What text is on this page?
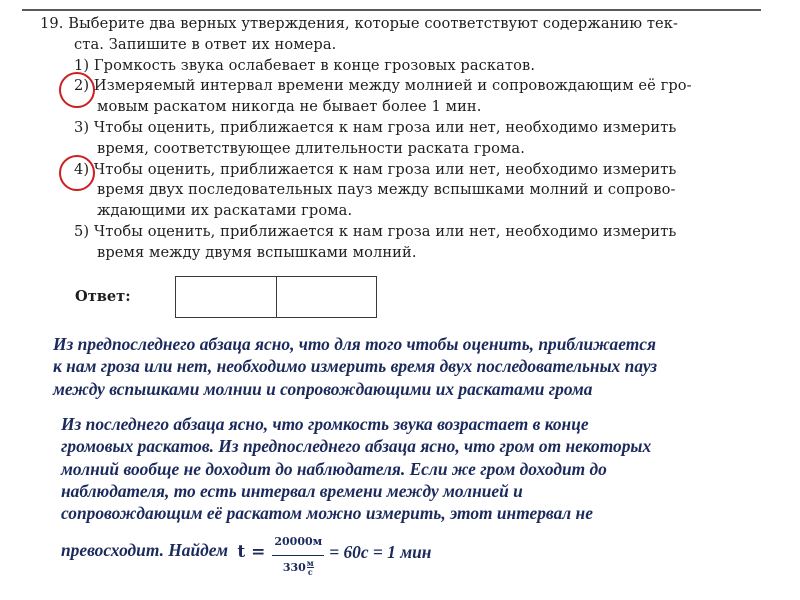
19. Выберите два верных утверждения, которые соответствуют содержанию тек-
ста. Запишите в ответ их номера.
1) Громкость звука ослабевает в конце грозовых раскатов.
2) Измеряемый интервал времени между молнией и сопровождающим её гро-
мовым раскатом никогда не бывает более 1 мин.
3) Чтобы оценить, приближается к нам гроза или нет, необходимо измерить
время, соответствующее длительности раската грома.
4) Чтобы оценить, приближается к нам гроза или нет, необходимо измерить
время двух последовательных пауз между вспышками молний и сопрово-
ждающими их раскатами грома.
5) Чтобы оценить, приближается к нам гроза или нет, необходимо измерить
время между двумя вспышками молний.
Ответ:
Из предпоследнего абзаца ясно, что для того чтобы оценить, приближается
к нам гроза или нет, необходимо измерить время двух последовательных пауз
между вспышками молнии и сопровождающими их раскатами грома
Из последнего абзаца ясно, что громкость звука возрастает в конце
громовых раскатов. Из предпоследнего абзаца ясно, что гром от некоторых
молний вообще не доходит до наблюдателя. Если же гром доходит до
наблюдателя, то есть интервал времени между молнией и
сопровождающим её раскатом можно измерить, этот интервал не
превосходит. Найдем $t = \frac{20000м}{330 \frac{м}{с}} = 60с = 1$ мин
